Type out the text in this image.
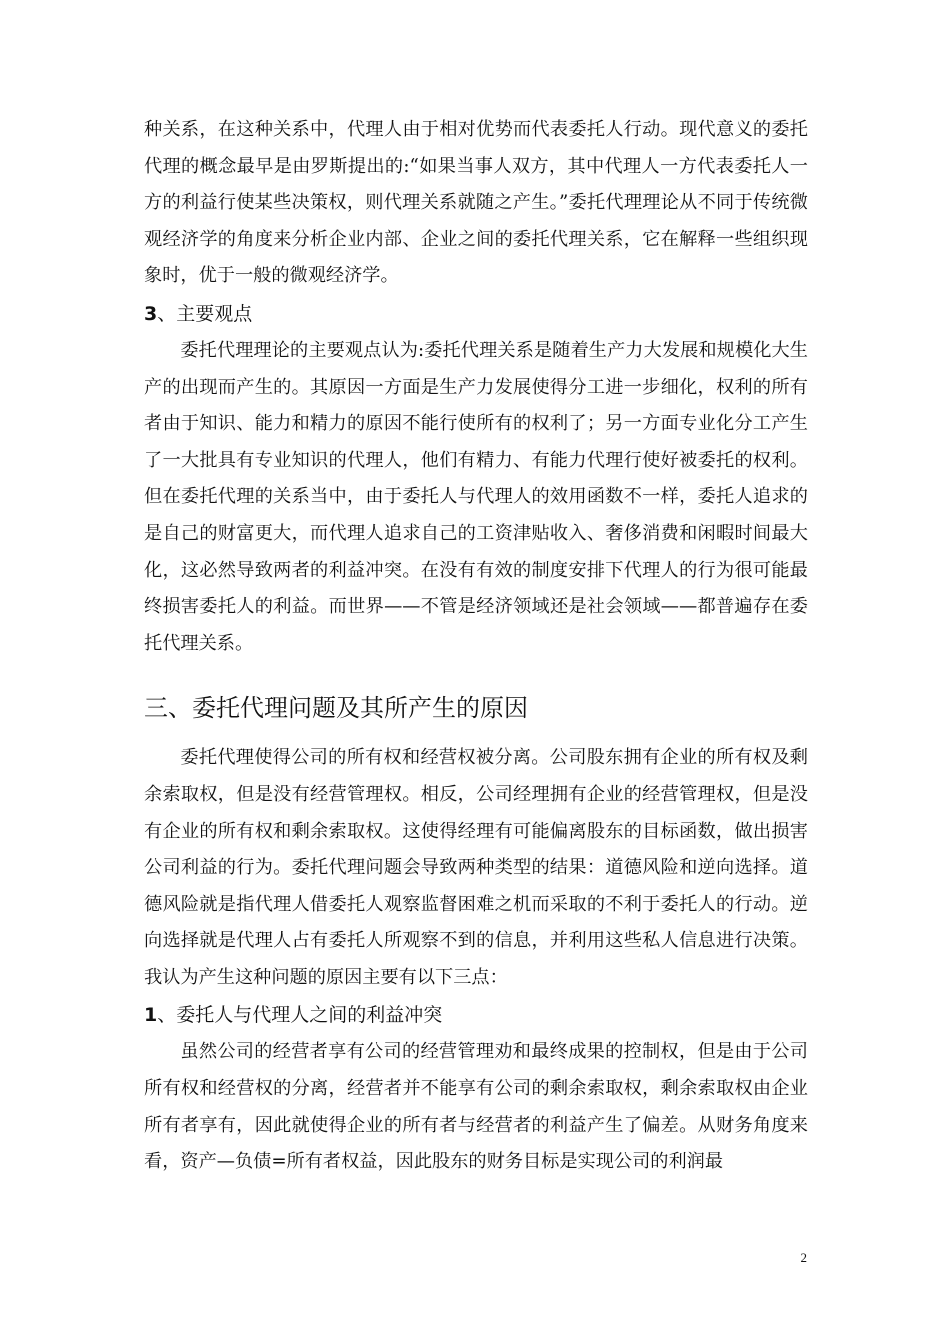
种关系，在这种关系中，代理人由于相对优势而代表委托人行动。现代意义的委托代理的概念最早是由罗斯提出的:“如果当事人双方，其中代理人一方代表委托人一方的利益行使某些决策权，则代理关系就随之产生。”委托代理理论从不同于传统微观经济学的角度来分析企业内部、企业之间的委托代理关系，它在解释一些组织现象时，优于一般的微观经济学。

3、主要观点

委托代理理论的主要观点认为:委托代理关系是随着生产力大发展和规模化大生产的出现而产生的。其原因一方面是生产力发展使得分工进一步细化，权利的所有者由于知识、能力和精力的原因不能行使所有的权利了；另一方面专业化分工产生了一大批具有专业知识的代理人，他们有精力、有能力代理行使好被委托的权利。但在委托代理的关系当中，由于委托人与代理人的效用函数不一样，委托人追求的是自己的财富更大，而代理人追求自己的工资津贴收入、奢侈消费和闲暇时间最大化，这必然导致两者的利益冲突。在没有有效的制度安排下代理人的行为很可能最终损害委托人的利益。而世界——不管是经济领域还是社会领域——都普遍存在委托代理关系。

三、委托代理问题及其所产生的原因

委托代理使得公司的所有权和经营权被分离。公司股东拥有企业的所有权及剩余索取权，但是没有经营管理权。相反，公司经理拥有企业的经营管理权，但是没有企业的所有权和剩余索取权。这使得经理有可能偏离股东的目标函数，做出损害公司利益的行为。委托代理问题会导致两种类型的结果：道德风险和逆向选择。道德风险就是指代理人借委托人观察监督困难之机而采取的不利于委托人的行动。逆向选择就是代理人占有委托人所观察不到的信息，并利用这些私人信息进行决策。我认为产生这种问题的原因主要有以下三点：

1、委托人与代理人之间的利益冲突

虽然公司的经营者享有公司的经营管理劝和最终成果的控制权，但是由于公司所有权和经营权的分离，经营者并不能享有公司的剩余索取权，剩余索取权由企业所有者享有，因此就使得企业的所有者与经营者的利益产生了偏差。从财务角度来看，资产—负债=所有者权益，因此股东的财务目标是实现公司的利润最

2
